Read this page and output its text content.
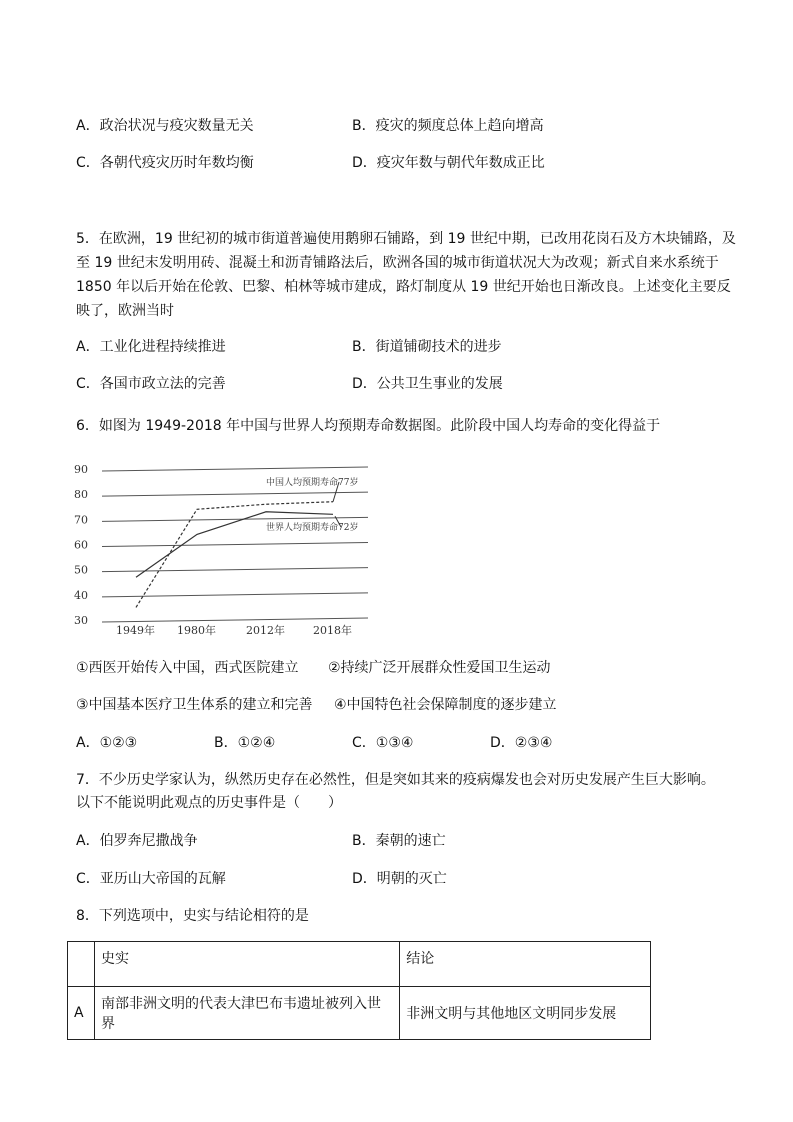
A．政治状况与疫灾数量无关	B．疫灾的频度总体上趋向增高
C．各朝代疫灾历时年数均衡	D．疫灾年数与朝代年数成正比
5．在欧洲，19 世纪初的城市街道普遍使用鹅卵石铺路，到 19 世纪中期，已改用花岗石及方木块铺路，及
至 19 世纪末发明用砖、混凝土和沥青铺路法后，欧洲各国的城市街道状况大为改观；新式自来水系统于
1850 年以后开始在伦敦、巴黎、柏林等城市建成，路灯制度从 19 世纪开始也日渐改良。上述变化主要反
映了，欧洲当时
A．工业化进程持续推进	B．街道铺砌技术的进步
C．各国市政立法的完善	D．公共卫生事业的发展
6．如图为 1949-2018 年中国与世界人均预期寿命数据图。此阶段中国人均寿命的变化得益于
30
40
50
60
70
80
90
1949年 1980年	2012年	2018年
中国人均预期寿命77岁
世界人均预期寿命72岁
①西医开始传入中国，西式医院建立 ②持续广泛开展群众性爱国卫生运动
③中国基本医疗卫生体系的建立和完善 ④中国特色社会保障制度的逐步建立
A．①②③	B．①②④	C．①③④	D．②③④
7．不少历史学家认为，纵然历史存在必然性，但是突如其来的疫病爆发也会对历史发展产生巨大影响。
以下不能说明此观点的历史事件是（　　）
A．伯罗奔尼撒战争	B．秦朝的速亡
C．亚历山大帝国的瓦解	D．明朝的灭亡
8．下列选项中，史实与结论相符的是
	史实	结论
A	南部非洲文明的代表大津巴布韦遗址被列入世界	非洲文明与其他地区文明同步发展
